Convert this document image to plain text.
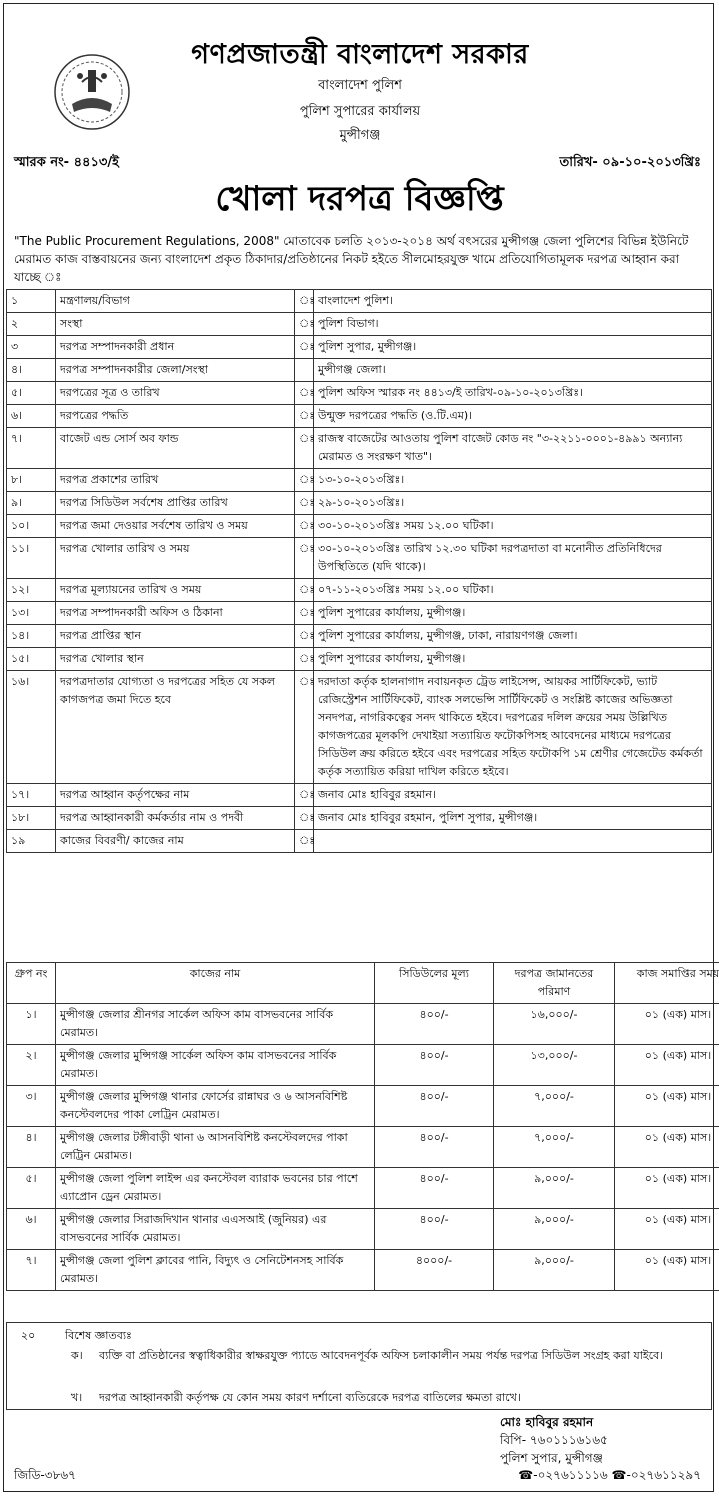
গণপ্রজাতন্ত্রী বাংলাদেশ সরকার
বাংলাদেশ পুলিশ
পুলিশ সুপারের কার্যালয়
মুন্সীগঞ্জ
স্মারক নং- ৪৪১৩/ই	তারিখ- ০৯-১০-২০১৩খ্রিঃ
খোলা দরপত্র বিজ্ঞপ্তি
"The Public Procurement Regulations, 2008" মোতাবেক চলতি ২০১৩-২০১৪ অর্থ বৎসরের মুন্সীগঞ্জ জেলা পুলিশের বিভিন্ন ইউনিটে মেরামত কাজ বাস্তবায়নের জন্য বাংলাদেশ প্রকৃত ঠিকাদার/প্রতিষ্ঠানের নিকট হইতে সীলমোহরযুক্ত খামে প্রতিযোগিতামূলক দরপত্র আহ্বান করা যাচ্ছে ঃ
১	মন্ত্রণালয়/বিভাগ	ঃ	বাংলাদেশ পুলিশ।
২	সংস্থা	ঃ	পুলিশ বিভাগ।
৩	দরপত্র সম্পাদনকারী প্রধান	ঃ	পুলিশ সুপার, মুন্সীগঞ্জ।
৪।	দরপত্র সম্পাদনকারীর জেলা/সংস্থা		মুন্সীগঞ্জ জেলা।
৫।	দরপত্রের সূত্র ও তারিখ	ঃ	পুলিশ অফিস স্মারক নং ৪৪১৩/ই তারিখ-০৯-১০-২০১৩খ্রিঃ।
৬।	দরপত্রের পদ্ধতি	ঃ	উন্মুক্ত দরপত্রের পদ্ধতি (ও.টি.এম)।
৭।	বাজেট এন্ড সোর্স অব ফান্ড	ঃ	রাজস্ব বাজেটের আওতায় পুলিশ বাজেট কোড নং "৩-২২১১-০০০১-৪৯৯১ অন্যান্য মেরামত ও সংরক্ষণ খাত"।
৮।	দরপত্র প্রকাশের তারিখ	ঃ	১৩-১০-২০১৩খ্রিঃ।
৯।	দরপত্র সিডিউল সর্বশেষ প্রাপ্তির তারিখ	ঃ	২৯-১০-২০১৩খ্রিঃ।
১০।	দরপত্র জমা দেওয়ার সর্বশেষ তারিখ ও সময়	ঃ	৩০-১০-২০১৩খ্রিঃ সময় ১২.০০ ঘটিকা।
১১।	দরপত্র খোলার তারিখ ও সময়	ঃ	৩০-১০-২০১৩খ্রিঃ তারিখ ১২.৩০ ঘটিকা দরপত্রদাতা বা মনোনীত প্রতিনিধিদের উপস্থিতিতে (যদি থাকে)।
১২।	দরপত্র মূল্যায়নের তারিখ ও সময়	ঃ	০৭-১১-২০১৩খ্রিঃ সময় ১২.০০ ঘটিকা।
১৩।	দরপত্র সম্পাদনকারী অফিস ও ঠিকানা	ঃ	পুলিশ সুপারের কার্যালয়, মুন্সীগঞ্জ।
১৪।	দরপত্র প্রাপ্তির স্থান	ঃ	পুলিশ সুপারের কার্যালয়, মুন্সীগঞ্জ, ঢাকা, নারায়ণগঞ্জ জেলা।
১৫।	দরপত্র খোলার স্থান	ঃ	পুলিশ সুপারের কার্যালয়, মুন্সীগঞ্জ।
১৬।	দরপত্রদাতার যোগ্যতা ও দরপত্রের সহিত যে সকল কাগজপত্র জমা দিতে হবে	ঃ	দরদাতা কর্তৃক হালনাগাদ নবায়নকৃত ট্রেড লাইসেন্স, আয়কর সার্টিফিকেট, ভ্যাট রেজিস্ট্রেশন সার্টিফিকেট, ব্যাংক সলভেন্সি সার্টিফিকেট ও সংশ্লিষ্ট কাজের অভিজ্ঞতা সনদপত্র, নাগরিকত্বের সনদ থাকিতে হইবে। দরপত্রের দলিল ক্রয়ের সময় উল্লিখিত কাগজপত্রের মূলকপি দেখাইয়া সত্যায়িত ফটোকপিসহ আবেদনের মাধ্যমে দরপত্রের সিডিউল ক্রয় করিতে হইবে এবং দরপত্রের সহিত ফটোকপি ১ম শ্রেণীর গেজেটেড কর্মকর্তা কর্তৃক সত্যায়িত করিয়া দাখিল করিতে হইবে।
১৭।	দরপত্র আহ্বান কর্তৃপক্ষের নাম	ঃ	জনাব মোঃ হাবিবুর রহমান।
১৮।	দরপত্র আহ্বানকারী কর্মকর্তার নাম ও পদবী	ঃ	জনাব মোঃ হাবিবুর রহমান, পুলিশ সুপার, মুন্সীগঞ্জ।
১৯	কাজের বিবরণী/ কাজের নাম	ঃ	
গ্রুপ নং	কাজের নাম	সিডিউলের মূল্য	দরপত্র জামানতের পরিমাণ	কাজ সমাপ্তির সময়
১।	মুন্সীগঞ্জ জেলার শ্রীনগর সার্কেল অফিস কাম বাসভবনের সার্বিক মেরামত।	৪০০/-	১৬,০০০/-	০১ (এক) মাস।
২।	মুন্সীগঞ্জ জেলার মুন্সিগঞ্জ সার্কেল অফিস কাম বাসভবনের সার্বিক মেরামত।	৪০০/-	১৩,০০০/-	০১ (এক) মাস।
৩।	মুন্সীগঞ্জ জেলার মুন্সিগঞ্জ থানার ফোর্সের রান্নাঘর ও ৬ আসনবিশিষ্ট কনস্টেবলদের পাকা লেট্রিন মেরামত।	৪০০/-	৭,০০০/-	০১ (এক) মাস।
৪।	মুন্সীগঞ্জ জেলার টঙ্গীবাড়ী থানা ৬ আসনবিশিষ্ট কনস্টেবলদের পাকা লেট্রিন মেরামত।	৪০০/-	৭,০০০/-	০১ (এক) মাস।
৫।	মুন্সীগঞ্জ জেলা পুলিশ লাইন্স এর কনস্টেবল ব্যারাক ভবনের চার পাশে এ্যাপ্রোন ড্রেন মেরামত।	৪০০/-	৯,০০০/-	০১ (এক) মাস।
৬।	মুন্সীগঞ্জ জেলার সিরাজদিখান থানার এএসআই (জুনিয়র) এর বাসভবনের সার্বিক মেরামত।	৪০০/-	৯,০০০/-	০১ (এক) মাস।
৭।	মুন্সীগঞ্জ জেলা পুলিশ ক্লাবের পানি, বিদ্যুৎ ও সেনিটেশনসহ সার্বিক মেরামত।	৪০০০/-	৯,০০০/-	০১ (এক) মাস।
২০	বিশেষ জ্ঞাতব্যঃ
ক। ব্যক্তি বা প্রতিষ্ঠানের স্বত্বাধিকারীর স্বাক্ষরযুক্ত প্যাডে আবেদনপূর্বক অফিস চলাকালীন সময় পর্যন্ত দরপত্র সিডিউল সংগ্রহ করা যাইবে।
খ। দরপত্র আহ্বানকারী কর্তৃপক্ষ যে কোন সময় কারণ দর্শানো ব্যতিরেকে দরপত্র বাতিলের ক্ষমতা রাখে।
মোঃ হাবিবুর রহমান
বিপি- ৭৬০১১১৬১৬৫
পুলিশ সুপার, মুন্সীগঞ্জ
জিডি-৩৮৬৭	☎-০২৭৬১১১১৬ ☎-০২৭৬১১২৯৭
